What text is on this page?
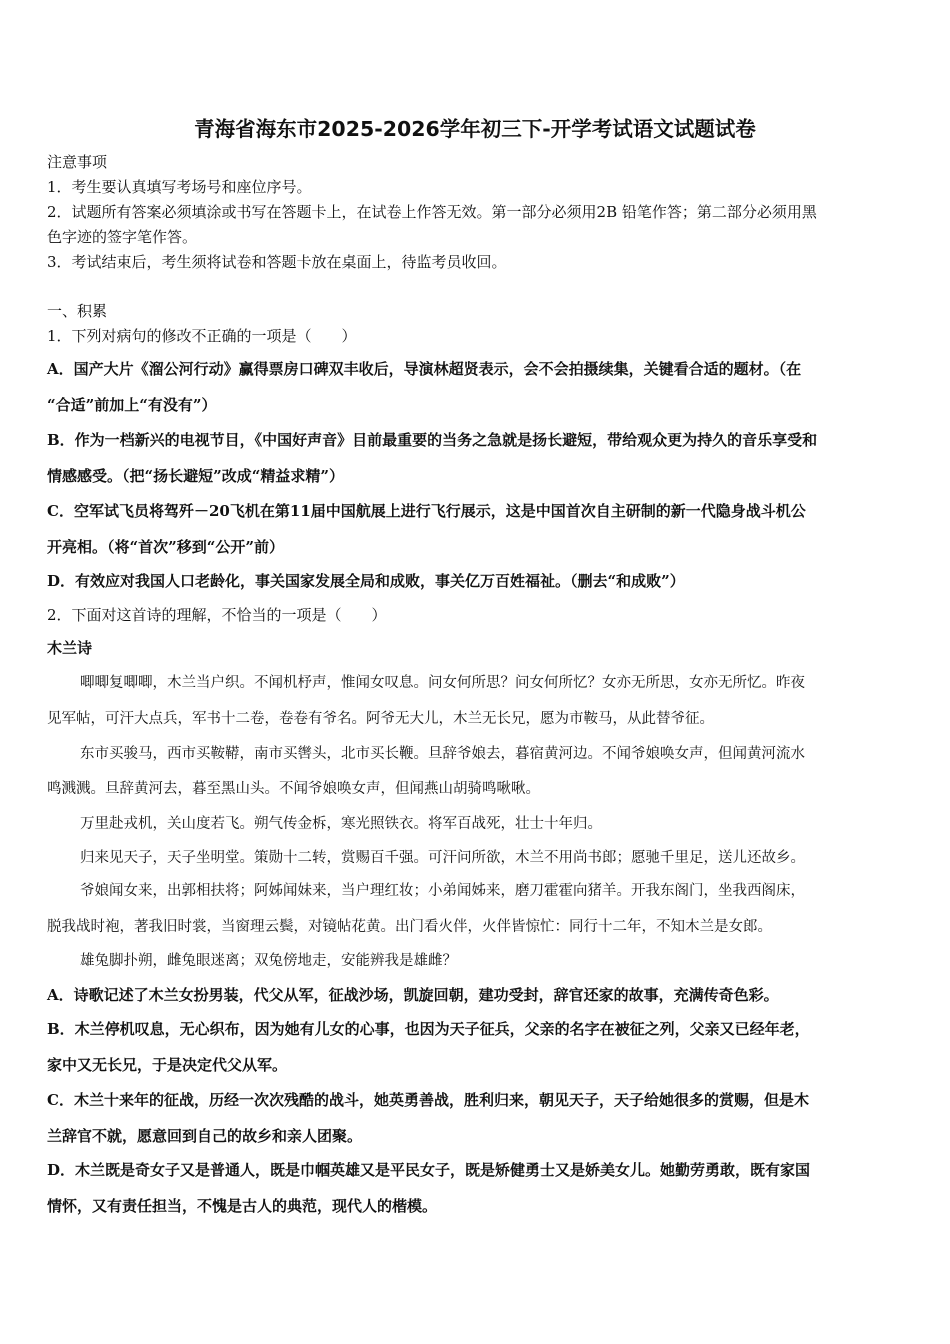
青海省海东市2025-2026学年初三下-开学考试语文试题试卷
注意事项
1．考生要认真填写考场号和座位序号。
2．试题所有答案必须填涂或书写在答题卡上，在试卷上作答无效。第一部分必须用2B 铅笔作答；第二部分必须用黑
色字迹的签字笔作答。
3．考试结束后，考生须将试卷和答题卡放在桌面上，待监考员收回。
一、积累
1．下列对病句的修改不正确的一项是（　　）
A．国产大片《溜公河行动》赢得票房口碑双丰收后，导演林超贤表示，会不会拍摄续集，关键看合适的题材。（在
“合适”前加上“有没有”）
B．作为一档新兴的电视节目，《中国好声音》目前最重要的当务之急就是扬长避短，带给观众更为持久的音乐享受和
情感感受。（把“扬长避短”改成“精益求精”）
C．空军试飞员将驾歼－20飞机在第11届中国航展上进行飞行展示，这是中国首次自主研制的新一代隐身战斗机公
开亮相。（将“首次”移到“公开”前）
D．有效应对我国人口老龄化，事关国家发展全局和成败，事关亿万百姓福祉。（删去“和成败”）
2．下面对这首诗的理解，不恰当的一项是（　　）
木兰诗
唧唧复唧唧，木兰当户织。不闻机杼声，惟闻女叹息。问女何所思？问女何所忆？女亦无所思，女亦无所忆。昨夜
见军帖，可汗大点兵，军书十二卷，卷卷有爷名。阿爷无大儿，木兰无长兄，愿为市鞍马，从此替爷征。
东市买骏马，西市买鞍鞯，南市买辔头，北市买长鞭。旦辞爷娘去，暮宿黄河边。不闻爷娘唤女声，但闻黄河流水
鸣溅溅。旦辞黄河去，暮至黑山头。不闻爷娘唤女声，但闻燕山胡骑鸣啾啾。
万里赴戎机，关山度若飞。朔气传金柝，寒光照铁衣。将军百战死，壮士十年归。
归来见天子，天子坐明堂。策勋十二转，赏赐百千强。可汗问所欲，木兰不用尚书郎；愿驰千里足，送儿还故乡。
爷娘闻女来，出郭相扶将；阿姊闻妹来，当户理红妆；小弟闻姊来，磨刀霍霍向猪羊。开我东阁门，坐我西阁床，
脱我战时袍，著我旧时裳，当窗理云鬓，对镜帖花黄。出门看火伴，火伴皆惊忙：同行十二年，不知木兰是女郎。
雄兔脚扑朔，雌兔眼迷离；双兔傍地走，安能辨我是雄雌？
A．诗歌记述了木兰女扮男装，代父从军，征战沙场，凯旋回朝，建功受封，辞官还家的故事，充满传奇色彩。
B．木兰停机叹息，无心织布，因为她有儿女的心事，也因为天子征兵，父亲的名字在被征之列，父亲又已经年老，
家中又无长兄，于是决定代父从军。
C．木兰十来年的征战，历经一次次残酷的战斗，她英勇善战，胜利归来，朝见天子，天子给她很多的赏赐，但是木
兰辞官不就，愿意回到自己的故乡和亲人团聚。
D．木兰既是奇女子又是普通人，既是巾帼英雄又是平民女子，既是矫健勇士又是娇美女儿。她勤劳勇敢，既有家国
情怀，又有责任担当，不愧是古人的典范，现代人的楷模。
